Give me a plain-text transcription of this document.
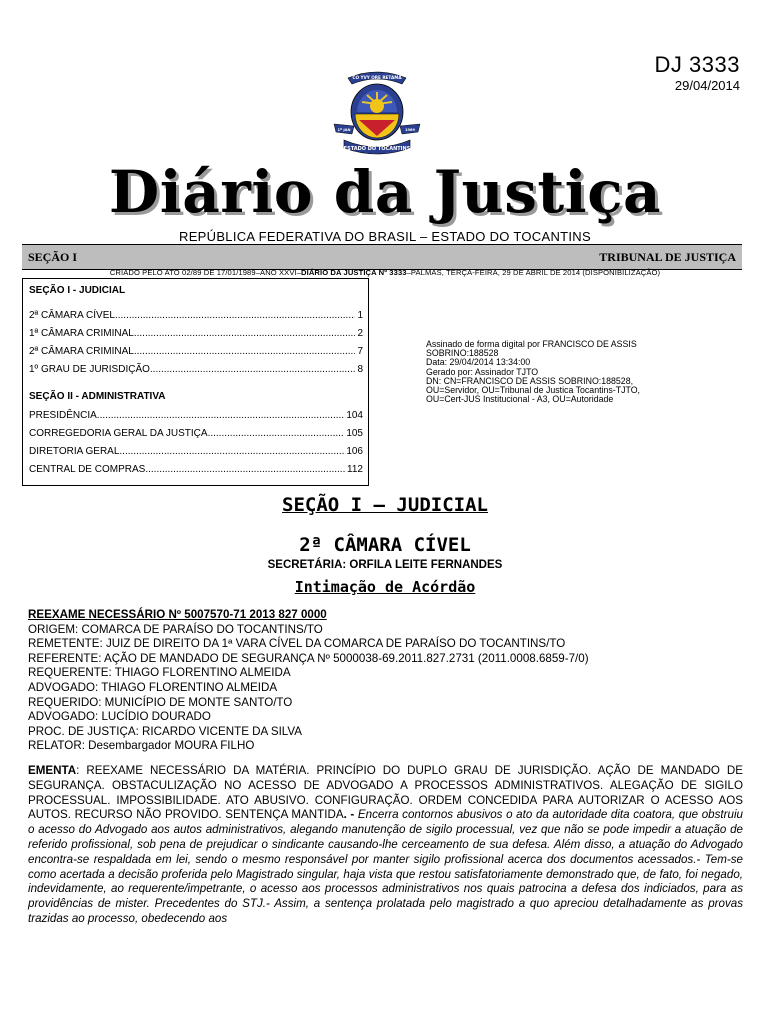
DJ 3333
29/04/2014
CO YVY ORE RETAMA
1º JAN	1989
ESTADO DO TOCANTINS
Diário da Justiça
REPÚBLICA FEDERATIVA DO BRASIL – ESTADO DO TOCANTINS
SEÇÃO I	TRIBUNAL DE JUSTIÇA
CRIADO PELO ATO 02/89 DE 17/01/1989–ANO XXVI–DIÁRIO DA JUSTIÇA Nº 3333–PALMAS, TERÇA-FEIRA, 29 DE ABRIL DE 2014 (DISPONIBILIZAÇÃO)
SEÇÃO I - JUDICIAL
2ª CÂMARA CÍVEL .....	1
1ª CÂMARA CRIMINAL .....	2
2ª CÂMARA CRIMINAL .....	7
1º GRAU DE JURISDIÇÃO .....	8
SEÇÃO II - ADMINISTRATIVA
PRESIDÊNCIA .....	104
CORREGEDORIA GERAL DA JUSTIÇA .....	105
DIRETORIA GERAL .....	106
CENTRAL DE COMPRAS .....	112
Assinado de forma digital por FRANCISCO DE ASSIS
SOBRINO:188528
Data: 29/04/2014 13:34:00
Gerado por: Assinador TJTO
DN: CN=FRANCISCO DE ASSIS SOBRINO:188528,
OU=Servidor, OU=Tribunal de Justica Tocantins-TJTO,
OU=Cert-JUS Institucional - A3, OU=Autoridade
SEÇÃO I – JUDICIAL
2ª CÂMARA CÍVEL
SECRETÁRIA: ORFILA LEITE FERNANDES
Intimação de Acórdão
REEXAME NECESSÁRIO Nº 5007570-71 2013 827 0000
ORIGEM: COMARCA DE PARAÍSO DO TOCANTINS/TO
REMETENTE: JUIZ DE DIREITO DA 1ª VARA CÍVEL DA COMARCA DE PARAÍSO DO TOCANTINS/TO
REFERENTE: AÇÃO DE MANDADO DE SEGURANÇA Nº 5000038-69.2011.827.2731 (2011.0008.6859-7/0)
REQUERENTE: THIAGO FLORENTINO ALMEIDA
ADVOGADO: THIAGO FLORENTINO ALMEIDA
REQUERIDO: MUNICÍPIO DE MONTE SANTO/TO
ADVOGADO: LUCÍDIO DOURADO
PROC. DE JUSTIÇA: RICARDO VICENTE DA SILVA
RELATOR: Desembargador MOURA FILHO
EMENTA: REEXAME NECESSÁRIO DA MATÉRIA. PRINCÍPIO DO DUPLO GRAU DE JURISDIÇÃO. AÇÃO DE MANDADO DE SEGURANÇA. OBSTACULIZAÇÃO NO ACESSO DE ADVOGADO A PROCESSOS ADMINISTRATIVOS. ALEGAÇÃO DE SIGILO PROCESSUAL. IMPOSSIBILIDADE. ATO ABUSIVO. CONFIGURAÇÃO. ORDEM CONCEDIDA PARA AUTORIZAR O ACESSO AOS AUTOS. RECURSO NÃO PROVIDO. SENTENÇA MANTIDA. - Encerra contornos abusivos o ato da autoridade dita coatora, que obstruiu o acesso do Advogado aos autos administrativos, alegando manutenção de sigilo processual, vez que não se pode impedir a atuação de referido profissional, sob pena de prejudicar o sindicante causando-lhe cerceamento de sua defesa. Além disso, a atuação do Advogado encontra-se respaldada em lei, sendo o mesmo responsável por manter sigilo profissional acerca dos documentos acessados.- Tem-se como acertada a decisão proferida pelo Magistrado singular, haja vista que restou satisfatoriamente demonstrado que, de fato, foi negado, indevidamente, ao requerente/impetrante, o acesso aos processos administrativos nos quais patrocina a defesa dos indiciados, para as providências de mister. Precedentes do STJ.- Assim, a sentença prolatada pelo magistrado a quo apreciou detalhadamente as provas trazidas ao processo, obedecendo aos
